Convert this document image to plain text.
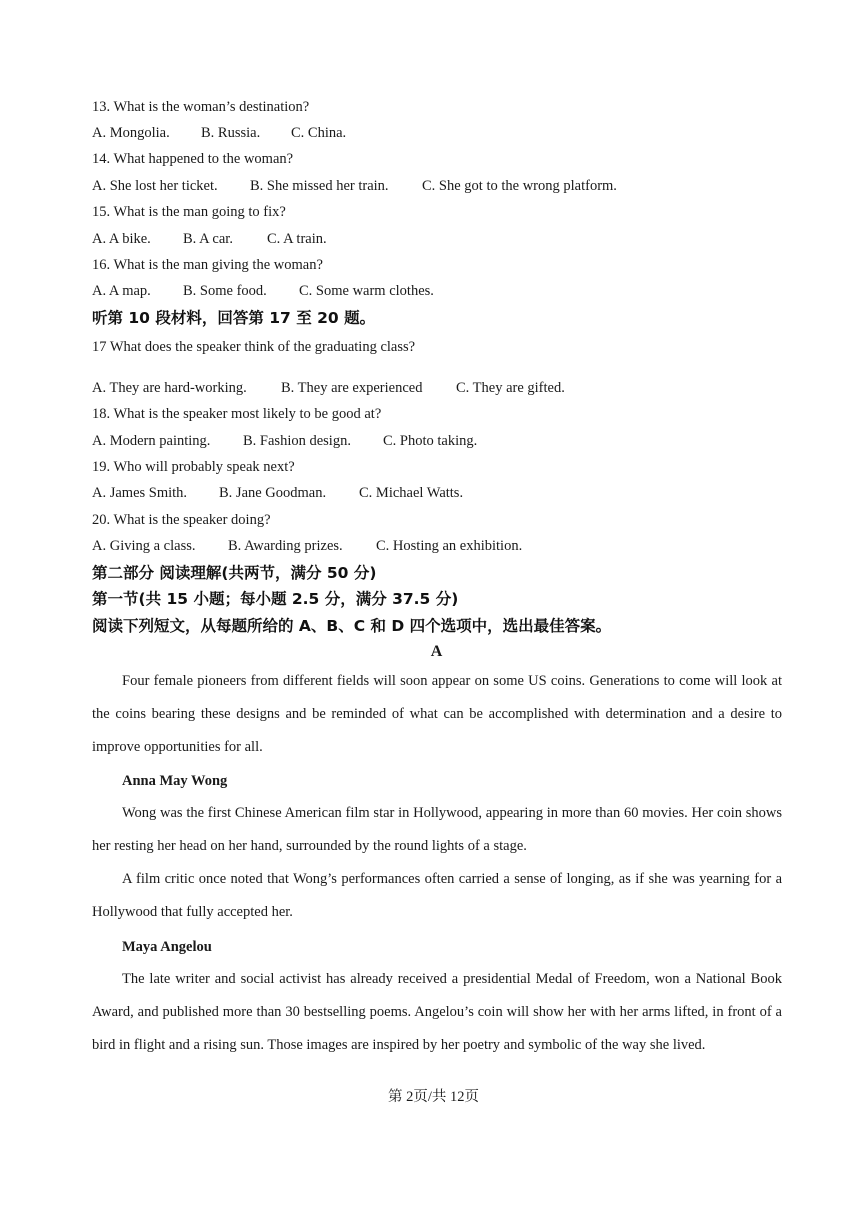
13. What is the woman’s destination?
A. Mongolia. B. Russia. C. China.
14. What happened to the woman?
A. She lost her ticket. B. She missed her train. C. She got to the wrong platform.
15. What is the man going to fix?
A. A bike. B. A car. C. A train.
16. What is the man giving the woman?
A. A map. B. Some food. C. Some warm clothes.
听第 10 段材料，回答第 17 至 20 题。
17 What does the speaker think of the graduating class?
A. They are hard-working. B. They are experienced C. They are gifted.
18. What is the speaker most likely to be good at?
A. Modern painting. B. Fashion design. C. Photo taking.
19. Who will probably speak next?
A. James Smith. B. Jane Goodman. C. Michael Watts.
20. What is the speaker doing?
A. Giving a class. B. Awarding prizes. C. Hosting an exhibition.
第二部分 阅读理解(共两节，满分 50 分)
第一节(共 15 小题；每小题 2.5 分，满分 37.5 分)
阅读下列短文，从每题所给的 A、B、C 和 D 四个选项中，选出最佳答案。
A
Four female pioneers from different fields will soon appear on some US coins. Generations to come will look at the coins bearing these designs and be reminded of what can be accomplished with determination and a desire to improve opportunities for all.
Anna May Wong
Wong was the first Chinese American film star in Hollywood, appearing in more than 60 movies. Her coin shows her resting her head on her hand, surrounded by the round lights of a stage.
A film critic once noted that Wong’s performances often carried a sense of longing, as if she was yearning for a Hollywood that fully accepted her.
Maya Angelou
The late writer and social activist has already received a presidential Medal of Freedom, won a National Book Award, and published more than 30 bestselling poems. Angelou’s coin will show her with her arms lifted, in front of a bird in flight and a rising sun. Those images are inspired by her poetry and symbolic of the way she lived.
第 2页/共 12页
